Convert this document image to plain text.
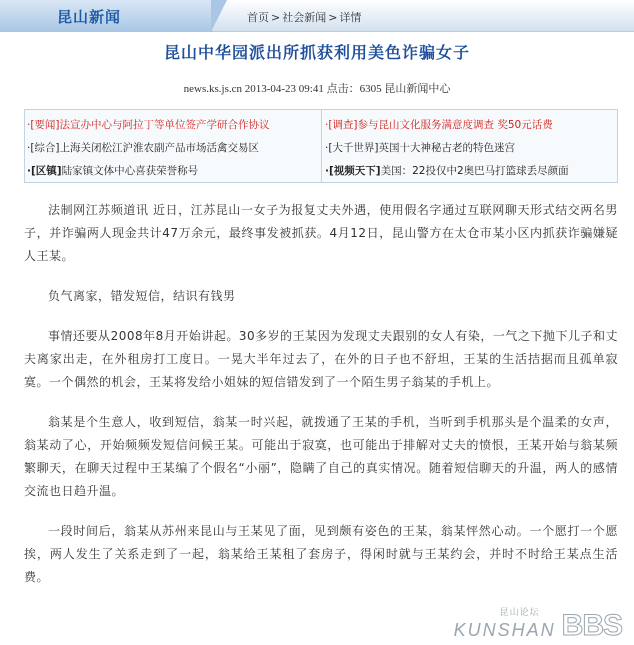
昆山新闻	首页 > 社会新闻 > 详情
昆山中华园派出所抓获利用美色诈骗女子
news.ks.js.cn 2013-04-23 09:41 点击：6305 昆山新闻中心
·[要闻]法宣办中心与阿拉丁等单位签产学研合作协议
·[综合]上海关闭松江沪淮农副产品市场活禽交易区
·[区镇]陆家镇文体中心喜获荣誉称号
·[调查]参与昆山文化服务满意度调查 奖50元话费
·[大千世界]英国十大神秘古老的特色迷宫
·[视频天下]美国：22投仅中2奥巴马打篮球丢尽颜面

法制网江苏频道讯 近日，江苏昆山一女子为报复丈夫外遇，使用假名字通过互联网聊天形式结交两名男子，并诈骗两人现金共计47万余元，最终事发被抓获。4月12日，昆山警方在太仓市某小区内抓获诈骗嫌疑人王某。

负气离家，错发短信，结识有钱男

事情还要从2008年8月开始讲起。30多岁的王某因为发现丈夫跟别的女人有染，一气之下抛下儿子和丈夫离家出走，在外租房打工度日。一晃大半年过去了，在外的日子也不舒坦，王某的生活拮据而且孤单寂寞。一个偶然的机会，王某将发给小姐妹的短信错发到了一个陌生男子翁某的手机上。

翁某是个生意人，收到短信，翁某一时兴起，就拨通了王某的手机，当听到手机那头是个温柔的女声，翁某动了心，开始频频发短信问候王某。可能出于寂寞，也可能出于排解对丈夫的愤恨，王某开始与翁某频繁聊天，在聊天过程中王某编了个假名“小丽”，隐瞒了自己的真实情况。随着短信聊天的升温，两人的感情交流也日趋升温。

一段时间后，翁某从苏州来昆山与王某见了面，见到颇有姿色的王某，翁某怦然心动。一个愿打一个愿挨，两人发生了关系走到了一起，翁某给王某租了套房子，得闲时就与王某约会，并时不时给王某点生活费。

昆山论坛
KUNSHAN BBS
